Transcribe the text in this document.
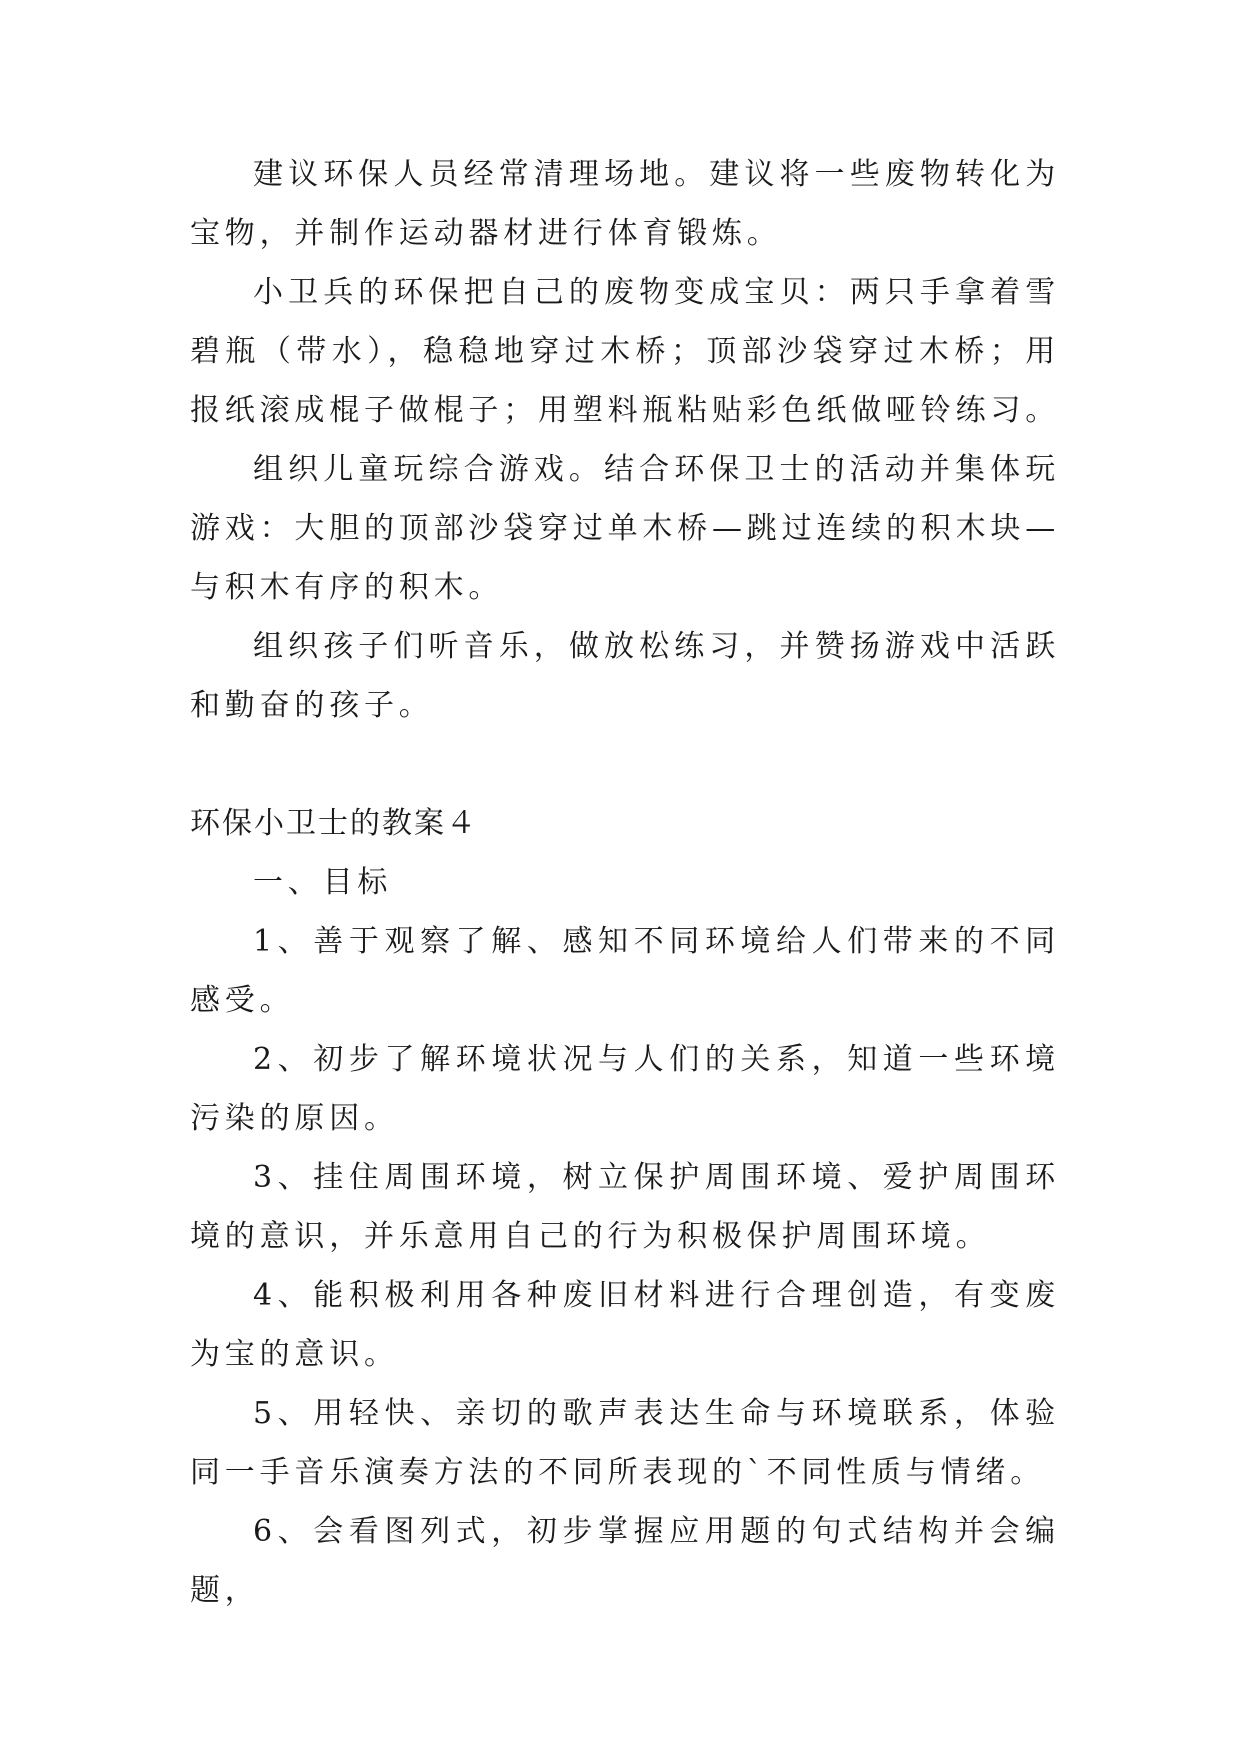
建议环保人员经常清理场地。建议将一些废物转化为宝物，并制作运动器材进行体育锻炼。

小卫兵的环保把自己的废物变成宝贝：两只手拿着雪碧瓶（带水），稳稳地穿过木桥；顶部沙袋穿过木桥；用报纸滚成棍子做棍子；用塑料瓶粘贴彩色纸做哑铃练习。

组织儿童玩综合游戏。结合环保卫士的活动并集体玩游戏：大胆的顶部沙袋穿过单木桥—跳过连续的积木块—与积木有序的积木。

组织孩子们听音乐，做放松练习，并赞扬游戏中活跃和勤奋的孩子。

环保小卫士的教案４

一、目标

1、善于观察了解、感知不同环境给人们带来的不同感受。

2、初步了解环境状况与人们的关系，知道一些环境污染的原因。

3、挂住周围环境，树立保护周围环境、爱护周围环境的意识，并乐意用自己的行为积极保护周围环境。

4、能积极利用各种废旧材料进行合理创造，有变废为宝的意识。

5、用轻快、亲切的歌声表达生命与环境联系，体验同一手音乐演奏方法的不同所表现的`不同性质与情绪。

6、会看图列式，初步掌握应用题的句式结构并会编题，
